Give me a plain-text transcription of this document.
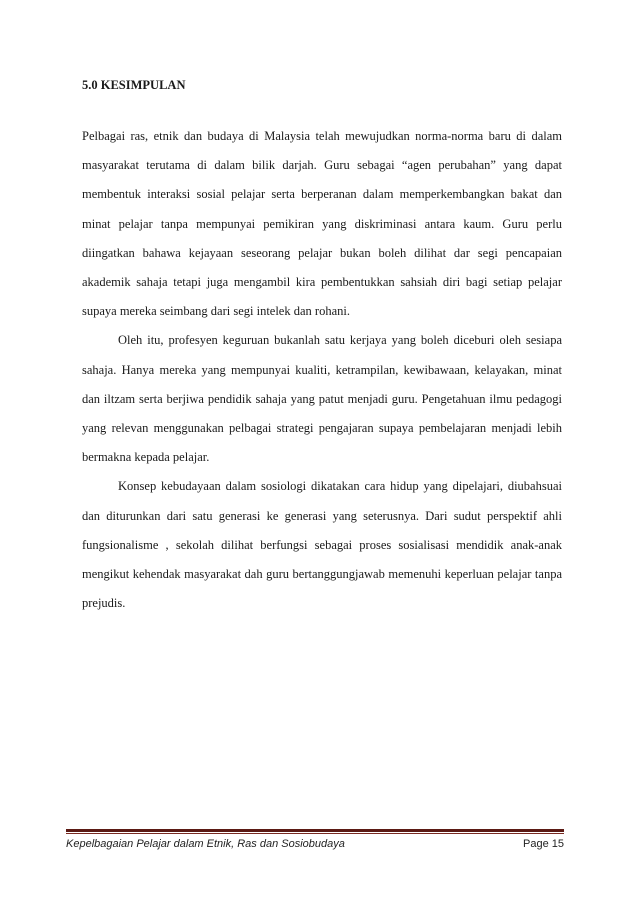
5.0 KESIMPULAN

Pelbagai ras, etnik dan budaya di Malaysia telah mewujudkan norma-norma baru di dalam masyarakat terutama di dalam bilik darjah. Guru sebagai “agen perubahan” yang dapat membentuk interaksi sosial pelajar serta berperanan dalam memperkembangkan bakat dan minat pelajar tanpa mempunyai pemikiran yang diskriminasi antara kaum. Guru perlu diingatkan bahawa kejayaan seseorang pelajar bukan boleh dilihat dar segi pencapaian akademik sahaja tetapi juga mengambil kira pembentukkan sahsiah diri bagi setiap pelajar supaya mereka seimbang dari segi intelek dan rohani.

Oleh itu, profesyen keguruan bukanlah satu kerjaya yang boleh diceburi oleh sesiapa sahaja. Hanya mereka yang mempunyai kualiti, ketrampilan, kewibawaan, kelayakan, minat dan iltzam serta berjiwa pendidik sahaja yang patut menjadi guru. Pengetahuan ilmu pedagogi yang relevan menggunakan pelbagai strategi pengajaran supaya pembelajaran menjadi lebih bermakna kepada pelajar.

Konsep kebudayaan dalam sosiologi dikatakan cara hidup yang dipelajari, diubahsuai dan diturunkan dari satu generasi ke generasi yang seterusnya. Dari sudut perspektif ahli fungsionalisme , sekolah dilihat berfungsi sebagai proses sosialisasi mendidik anak-anak mengikut kehendak masyarakat dah guru bertanggungjawab memenuhi keperluan pelajar tanpa prejudis.

Kepelbagaian Pelajar dalam Etnik, Ras dan Sosiobudaya	Page 15
